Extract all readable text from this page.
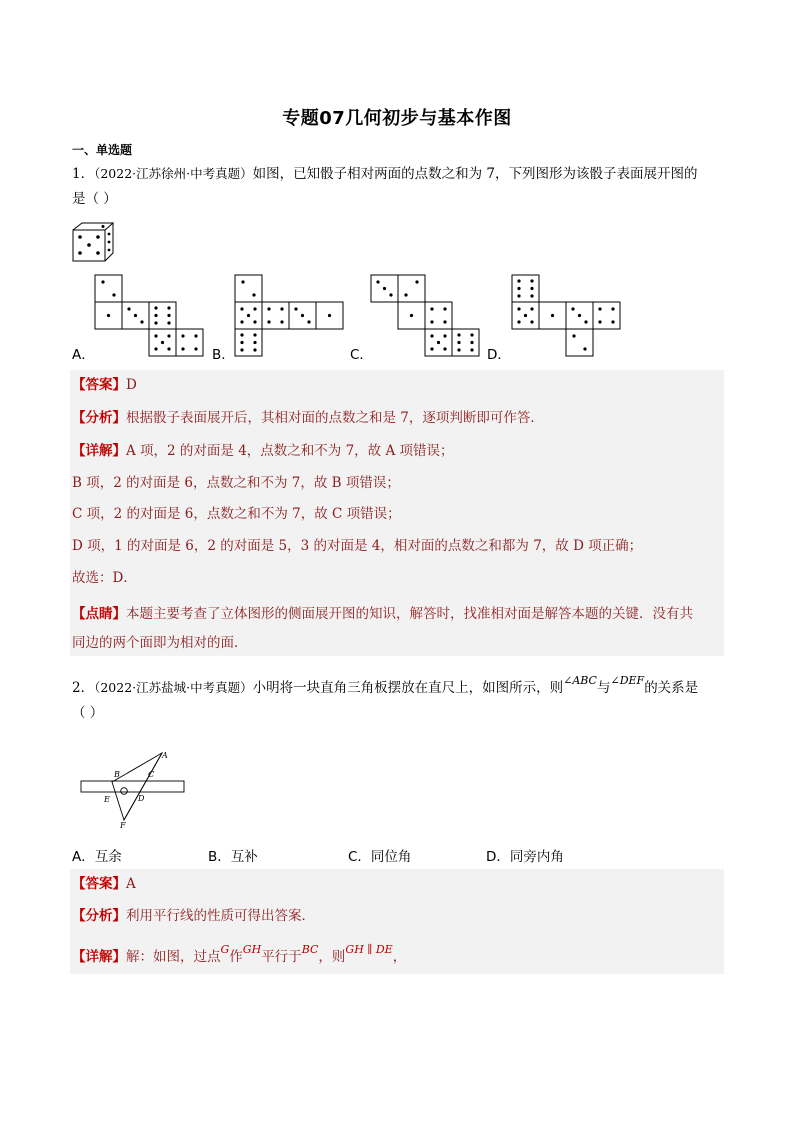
专题07几何初步与基本作图
一、单选题
1．（2022·江苏徐州·中考真题）如图，已知骰子相对两面的点数之和为 7，下列图形为该骰子表面展开图的
是（ ）
A．	B．	C．	D．
【答案】D
【分析】根据骰子表面展开后，其相对面的点数之和是 7，逐项判断即可作答．
【详解】A 项，2 的对面是 4，点数之和不为 7，故 A 项错误；
B 项，2 的对面是 6，点数之和不为 7，故 B 项错误；
C 项，2 的对面是 6，点数之和不为 7，故 C 项错误；
D 项，1 的对面是 6，2 的对面是 5，3 的对面是 4，相对面的点数之和都为 7，故 D 项正确；
故选：D．
【点睛】本题主要考查了立体图形的侧面展开图的知识，解答时，找准相对面是解答本题的关键．没有共
同边的两个面即为相对的面．
2．（2022·江苏盐城·中考真题）小明将一块直角三角板摆放在直尺上，如图所示，则$^{\angle ABC}$与$^{\angle DEF}$的关系是
（ ）
A
B	C
D
E
F
A．互余	B．互补	C．同位角	D．同旁内角
【答案】A
【分析】利用平行线的性质可得出答案．
【详解】解：如图，过点$^G$作$^{GH}$平行于$^{BC}$，则$^{GH \parallel DE}$，
